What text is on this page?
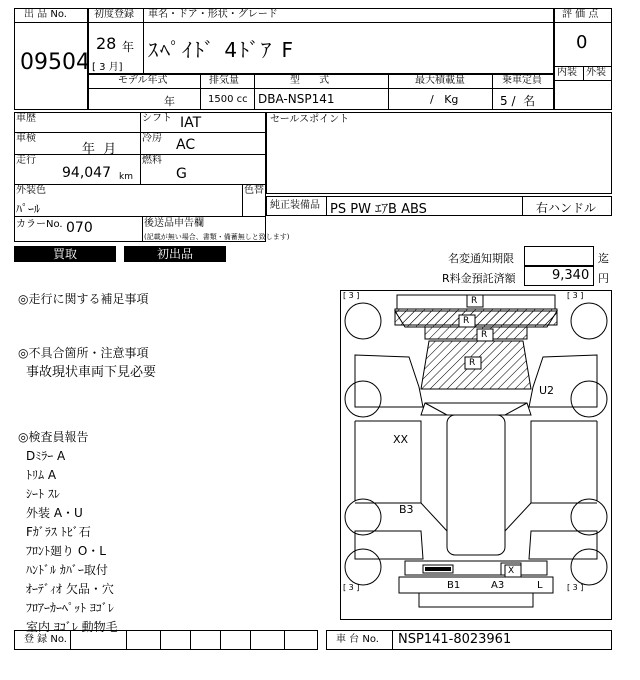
出 品 No.
09504
初度登録 車名・ドア・形状・グレード
28 年
[ 3 月]
ｽﾍﾟｲﾄﾞ 4ﾄﾞｱ F
評 価 点
0
内装 外装
モデル年式	排気量	型      式	最大積載量	乗車定員
年	1500 cc DBA-NSP141	/   Kg	5 /  名
車歴	シフト IAT
車検
年  月
冷房 AC
走行
94,047 km
燃料
G
外装色
ﾊﾟｰﾙ
色替
カラーNo. 070	後送品申告欄
(記載が無い場合、書類・備蓄無しと致します)
セールスポイント
純正装備品 PS PW ｴｱB ABS	右ハンドル
買取	初出品	名変通知期限	迄
R料金預託済額	9,340 円
◎走行に関する補足事項
◎不具合箇所・注意事項
事故現状車両下見必要
◎検査員報告
Dﾐﾗｰ A
ﾄﾘﾑ A
ｼｰﾄ ｽﾚ
外装 A・U
Fｶﾞﾗｽ ﾄﾋﾞ石
ﾌﾛﾝﾄ廻り O・L
ﾊﾝﾄﾞﾙ ｶﾊﾞｰ取付
ｵｰﾃﾞｨｵ 欠品・穴
ﾌﾛｱｰｶｰﾍﾟｯﾄ ﾖｺﾞﾚ
室内 ﾖｺﾞﾚ 動物毛
[ 3 ]	[ 3 ]
[ 3 ]	[ 3 ]
R
R
R
R
U2
XX
B3
B1	A3	L
X
登 録 No.	車 台 No. NSP141-8023961
